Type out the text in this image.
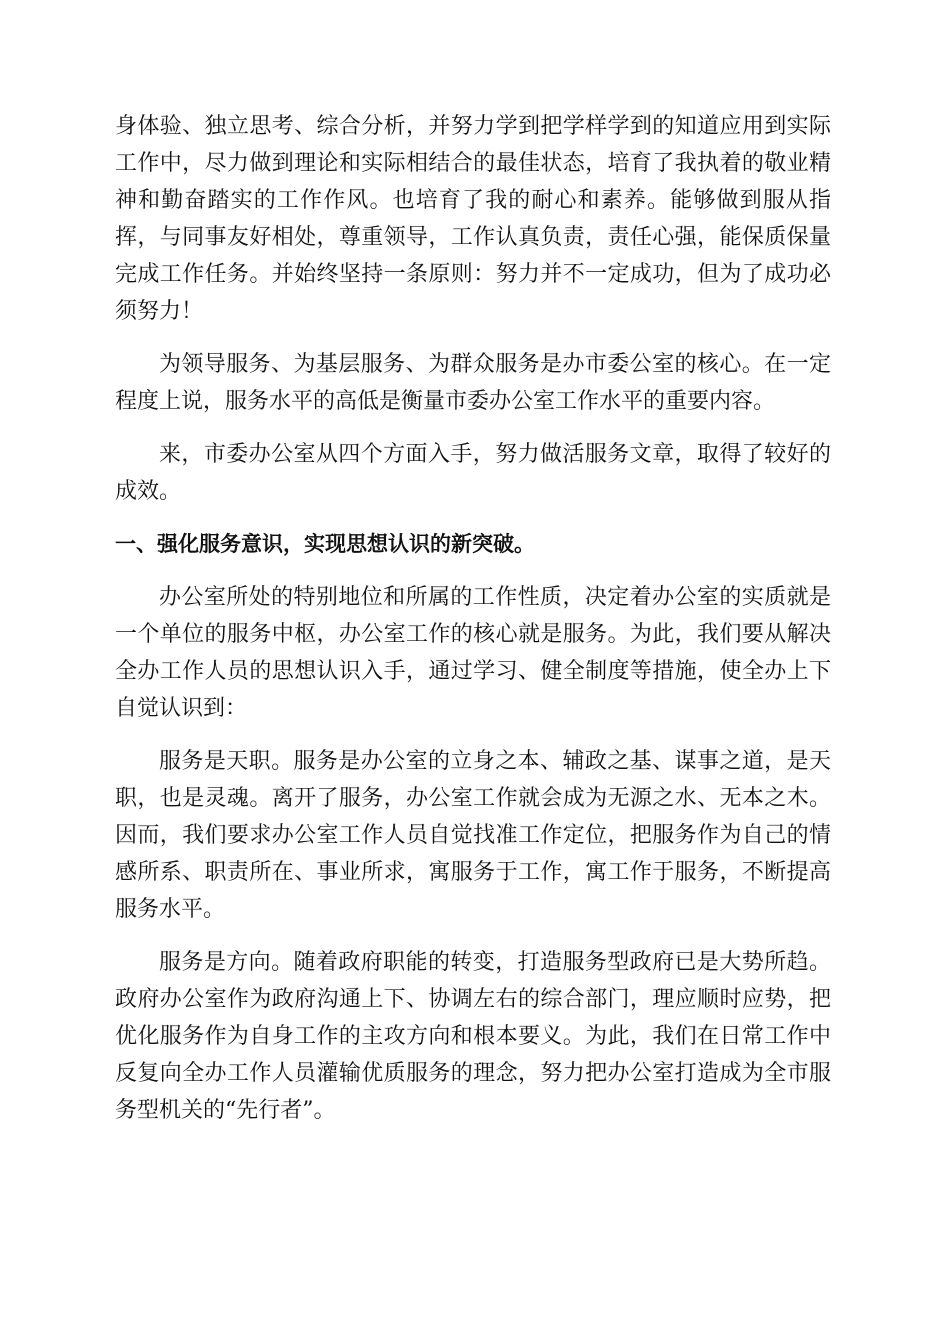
身体验、独立思考、综合分析，并努力学到把学样学到的知道应用到实际工作中，尽力做到理论和实际相结合的最佳状态，培育了我执着的敬业精神和勤奋踏实的工作作风。也培育了我的耐心和素养。能够做到服从指挥，与同事友好相处，尊重领导，工作认真负责，责任心强，能保质保量完成工作任务。并始终坚持一条原则：努力并不一定成功，但为了成功必须努力！

为领导服务、为基层服务、为群众服务是办市委公室的核心。在一定程度上说，服务水平的高低是衡量市委办公室工作水平的重要内容。

来，市委办公室从四个方面入手，努力做活服务文章，取得了较好的成效。

一、强化服务意识，实现思想认识的新突破。

办公室所处的特别地位和所属的工作性质，决定着办公室的实质就是一个单位的服务中枢，办公室工作的核心就是服务。为此，我们要从解决全办工作人员的思想认识入手，通过学习、健全制度等措施，使全办上下自觉认识到：

服务是天职。服务是办公室的立身之本、辅政之基、谋事之道，是天职，也是灵魂。离开了服务，办公室工作就会成为无源之水、无本之木。因而，我们要求办公室工作人员自觉找准工作定位，把服务作为自己的情感所系、职责所在、事业所求，寓服务于工作，寓工作于服务，不断提高服务水平。

服务是方向。随着政府职能的转变，打造服务型政府已是大势所趋。政府办公室作为政府沟通上下、协调左右的综合部门，理应顺时应势，把优化服务作为自身工作的主攻方向和根本要义。为此，我们在日常工作中反复向全办工作人员灌输优质服务的理念，努力把办公室打造成为全市服务型机关的“先行者”。
